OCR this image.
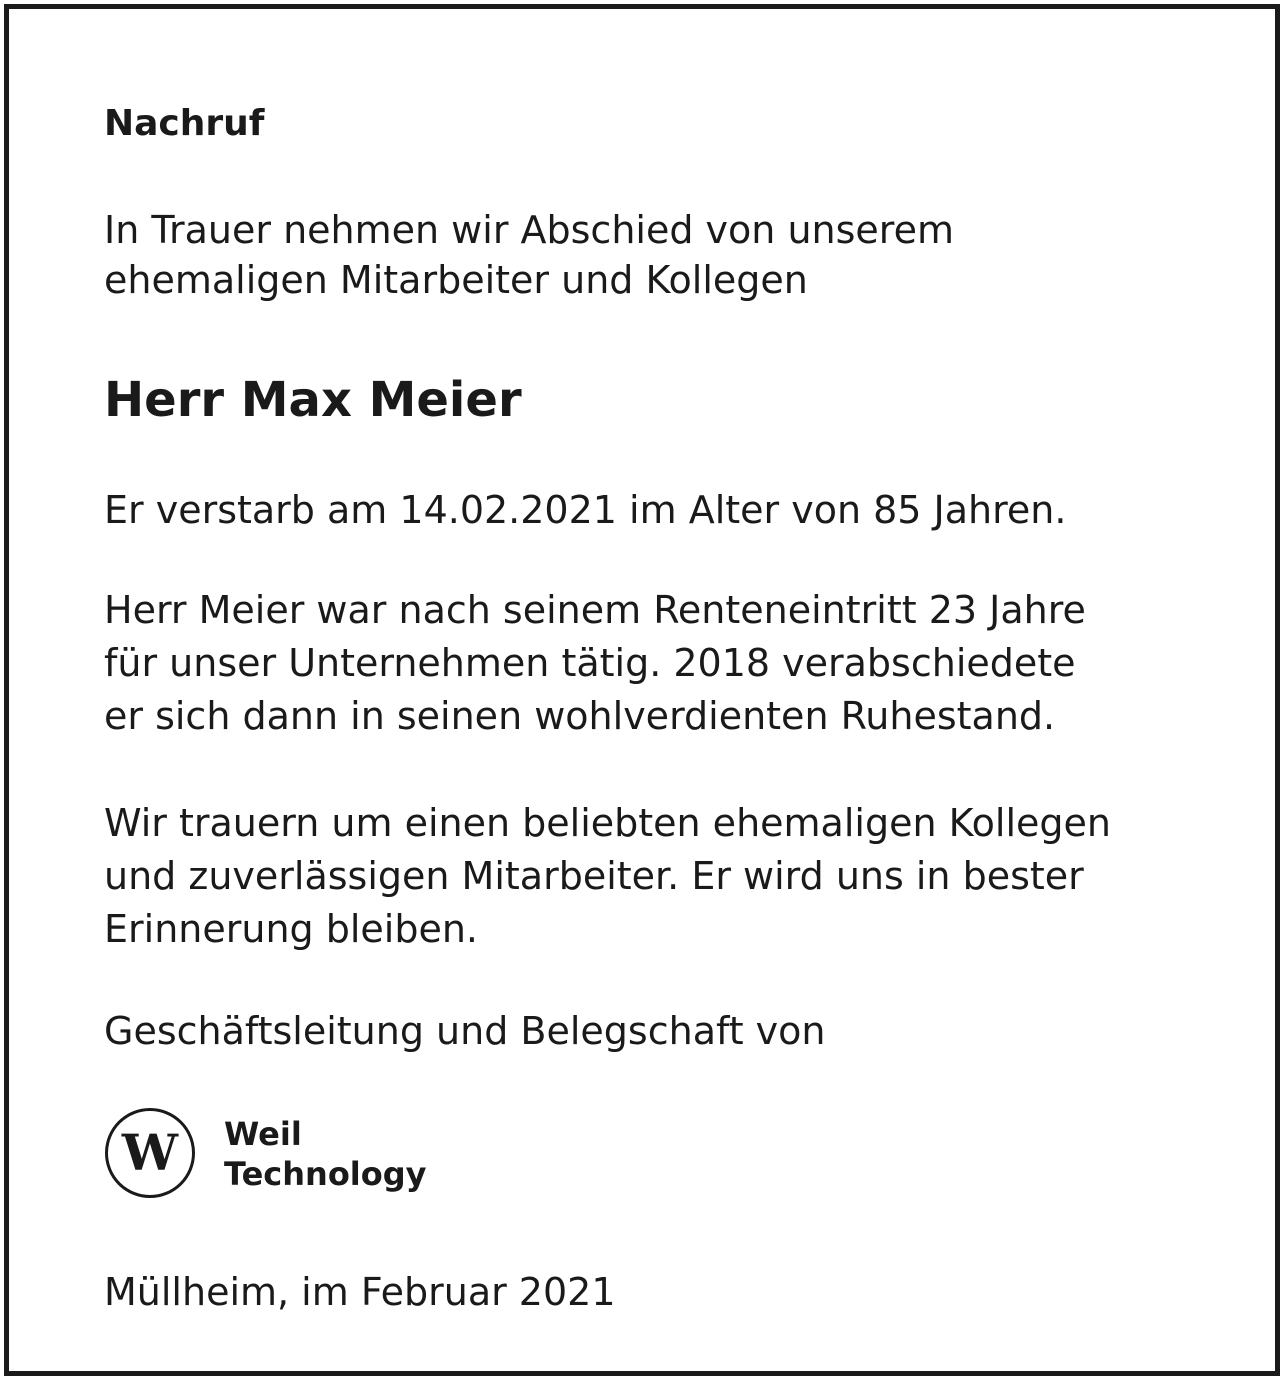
Nachruf
In Trauer nehmen wir Abschied von unserem
ehemaligen Mitarbeiter und Kollegen
Herr Max Meier
Er verstarb am 14.02.2021 im Alter von 85 Jahren.
Herr Meier war nach seinem Renteneintritt 23 Jahre
für unser Unternehmen tätig. 2018 verabschiedete
er sich dann in seinen wohlverdienten Ruhestand.
Wir trauern um einen beliebten ehemaligen Kollegen
und zuverlässigen Mitarbeiter. Er wird uns in bester
Erinnerung bleiben.
Geschäftsleitung und Belegschaft von
W	Weil
Technology
Müllheim, im Februar 2021
